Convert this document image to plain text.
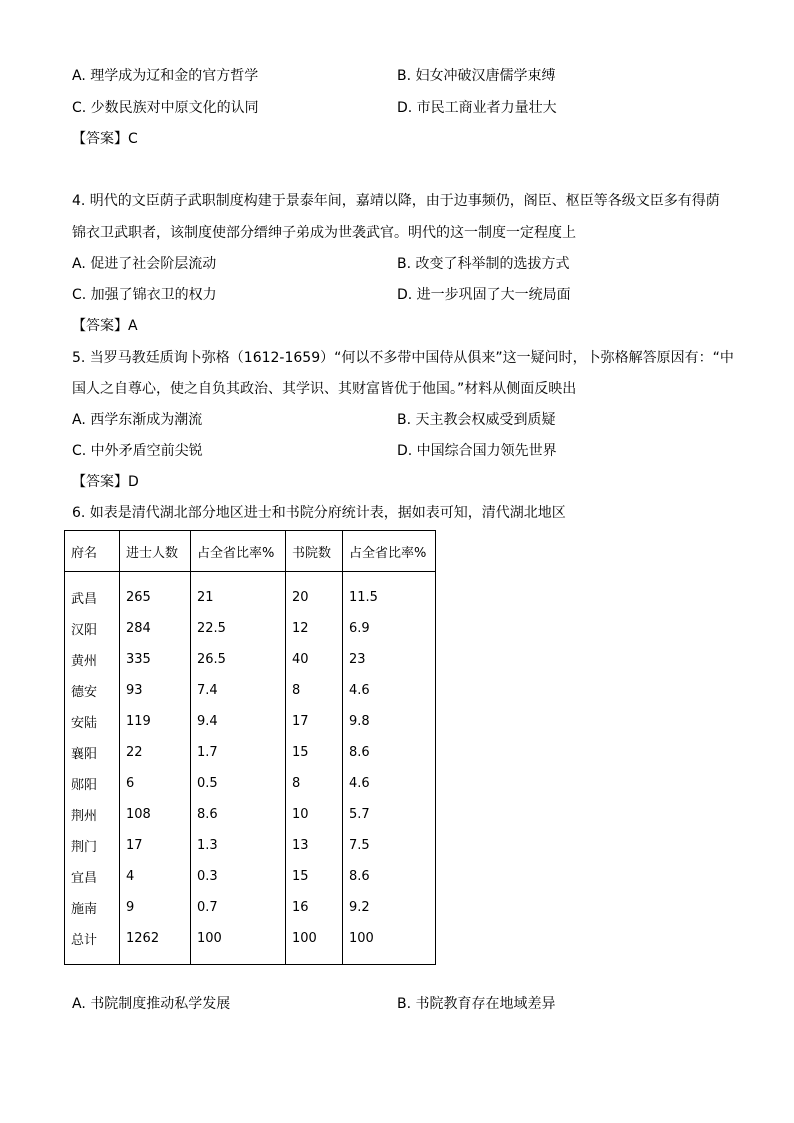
A. 理学成为辽和金的官方哲学	B. 妇女冲破汉唐儒学束缚
C. 少数民族对中原文化的认同	D. 市民工商业者力量壮大
【答案】C
4. 明代的文臣荫子武职制度构建于景泰年间，嘉靖以降，由于边事频仍，阁臣、枢臣等各级文臣多有得荫
锦衣卫武职者，该制度使部分缙绅子弟成为世袭武官。明代的这一制度一定程度上
A. 促进了社会阶层流动	B. 改变了科举制的选拔方式
C. 加强了锦衣卫的权力	D. 进一步巩固了大一统局面
【答案】A
5. 当罗马教廷质询卜弥格（1612-1659）“何以不多带中国侍从俱来”这一疑问时，卜弥格解答原因有：“中
国人之自尊心，使之自负其政治、其学识、其财富皆优于他国。”材料从侧面反映出
A. 西学东渐成为潮流	B. 天主教会权威受到质疑
C. 中外矛盾空前尖锐	D. 中国综合国力领先世界
【答案】D
6. 如表是清代湖北部分地区进士和书院分府统计表，据如表可知，清代湖北地区
府名	进士人数	占全省比率%	书院数	占全省比率%
武昌	265	21	20	11.5
汉阳	284	22.5	12	6.9
黄州	335	26.5	40	23
德安	93	7.4	8	4.6
安陆	119	9.4	17	9.8
襄阳	22	1.7	15	8.6
郧阳	6	0.5	8	4.6
荆州	108	8.6	10	5.7
荆门	17	1.3	13	7.5
宜昌	4	0.3	15	8.6
施南	9	0.7	16	9.2
总计	1262	100	100	100
A. 书院制度推动私学发展	B. 书院教育存在地域差异
